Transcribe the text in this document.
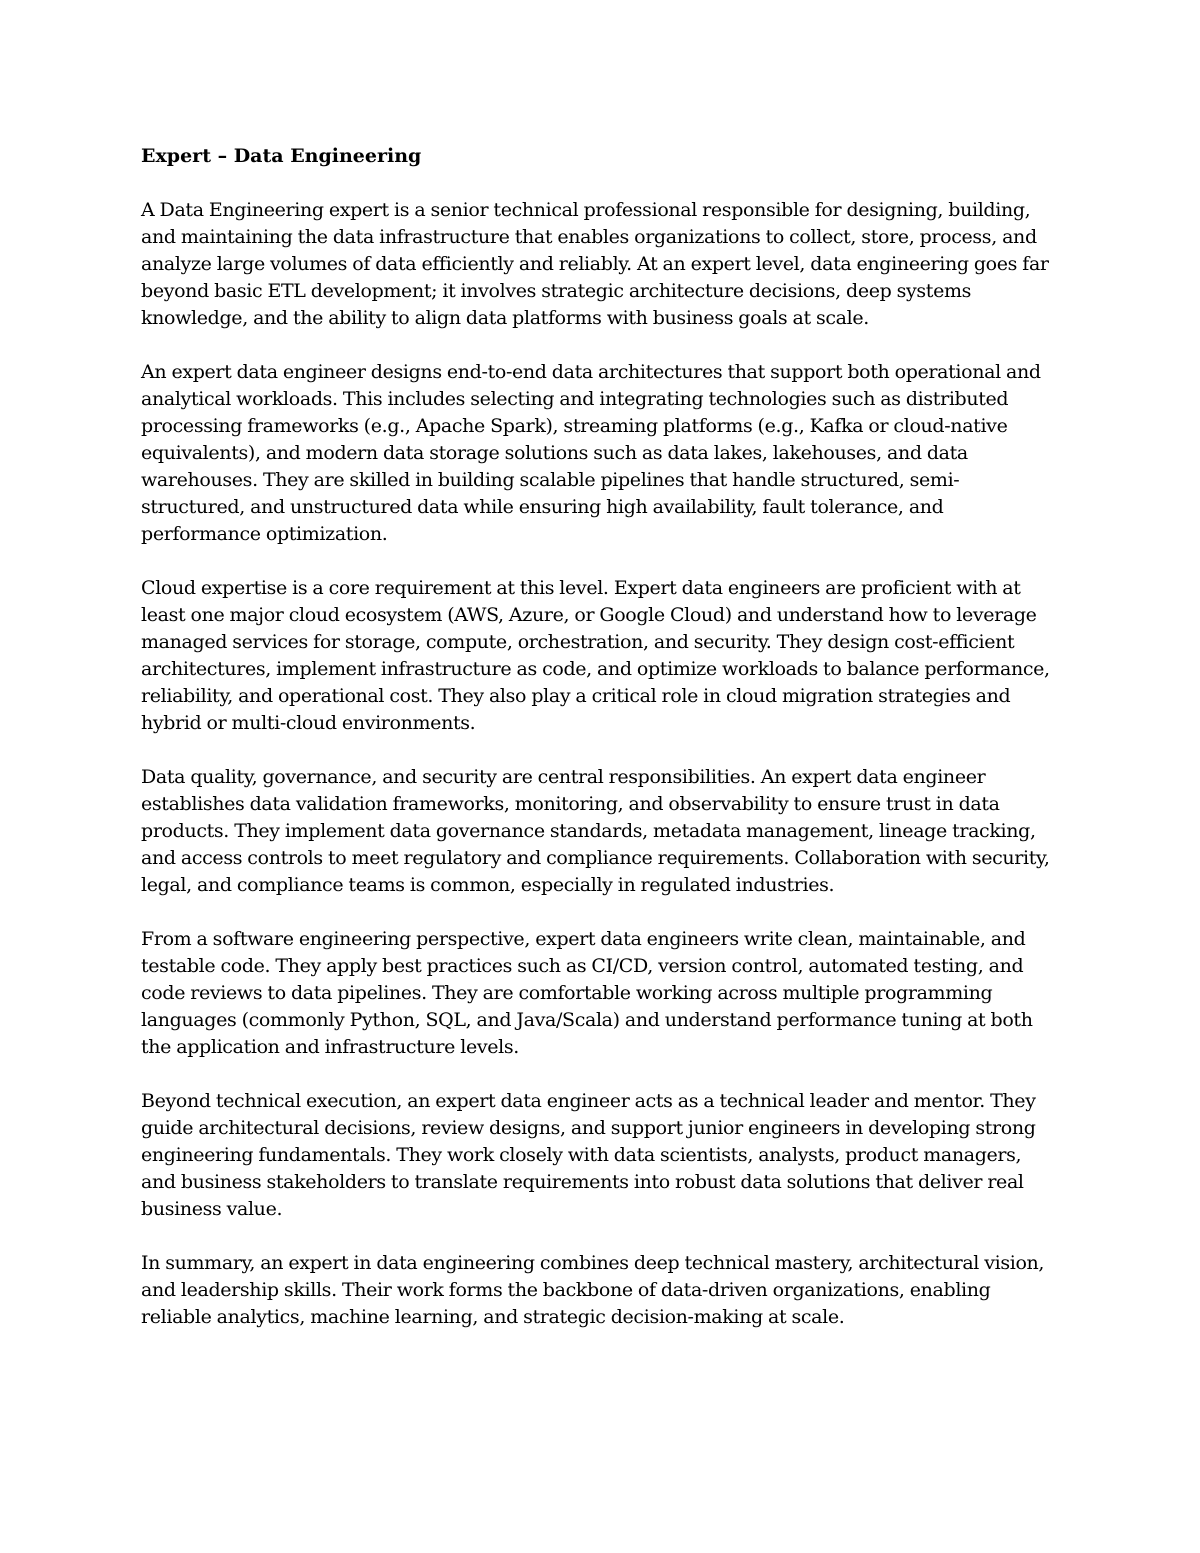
Expert – Data Engineering

A Data Engineering expert is a senior technical professional responsible for designing, building, and maintaining the data infrastructure that enables organizations to collect, store, process, and analyze large volumes of data efficiently and reliably. At an expert level, data engineering goes far beyond basic ETL development; it involves strategic architecture decisions, deep systems knowledge, and the ability to align data platforms with business goals at scale.

An expert data engineer designs end-to-end data architectures that support both operational and analytical workloads. This includes selecting and integrating technologies such as distributed processing frameworks (e.g., Apache Spark), streaming platforms (e.g., Kafka or cloud-native equivalents), and modern data storage solutions such as data lakes, lakehouses, and data warehouses. They are skilled in building scalable pipelines that handle structured, semi-structured, and unstructured data while ensuring high availability, fault tolerance, and performance optimization.

Cloud expertise is a core requirement at this level. Expert data engineers are proficient with at least one major cloud ecosystem (AWS, Azure, or Google Cloud) and understand how to leverage managed services for storage, compute, orchestration, and security. They design cost-efficient architectures, implement infrastructure as code, and optimize workloads to balance performance, reliability, and operational cost. They also play a critical role in cloud migration strategies and hybrid or multi-cloud environments.

Data quality, governance, and security are central responsibilities. An expert data engineer establishes data validation frameworks, monitoring, and observability to ensure trust in data products. They implement data governance standards, metadata management, lineage tracking, and access controls to meet regulatory and compliance requirements. Collaboration with security, legal, and compliance teams is common, especially in regulated industries.

From a software engineering perspective, expert data engineers write clean, maintainable, and testable code. They apply best practices such as CI/CD, version control, automated testing, and code reviews to data pipelines. They are comfortable working across multiple programming languages (commonly Python, SQL, and Java/Scala) and understand performance tuning at both the application and infrastructure levels.

Beyond technical execution, an expert data engineer acts as a technical leader and mentor. They guide architectural decisions, review designs, and support junior engineers in developing strong engineering fundamentals. They work closely with data scientists, analysts, product managers, and business stakeholders to translate requirements into robust data solutions that deliver real business value.

In summary, an expert in data engineering combines deep technical mastery, architectural vision, and leadership skills. Their work forms the backbone of data-driven organizations, enabling reliable analytics, machine learning, and strategic decision-making at scale.
